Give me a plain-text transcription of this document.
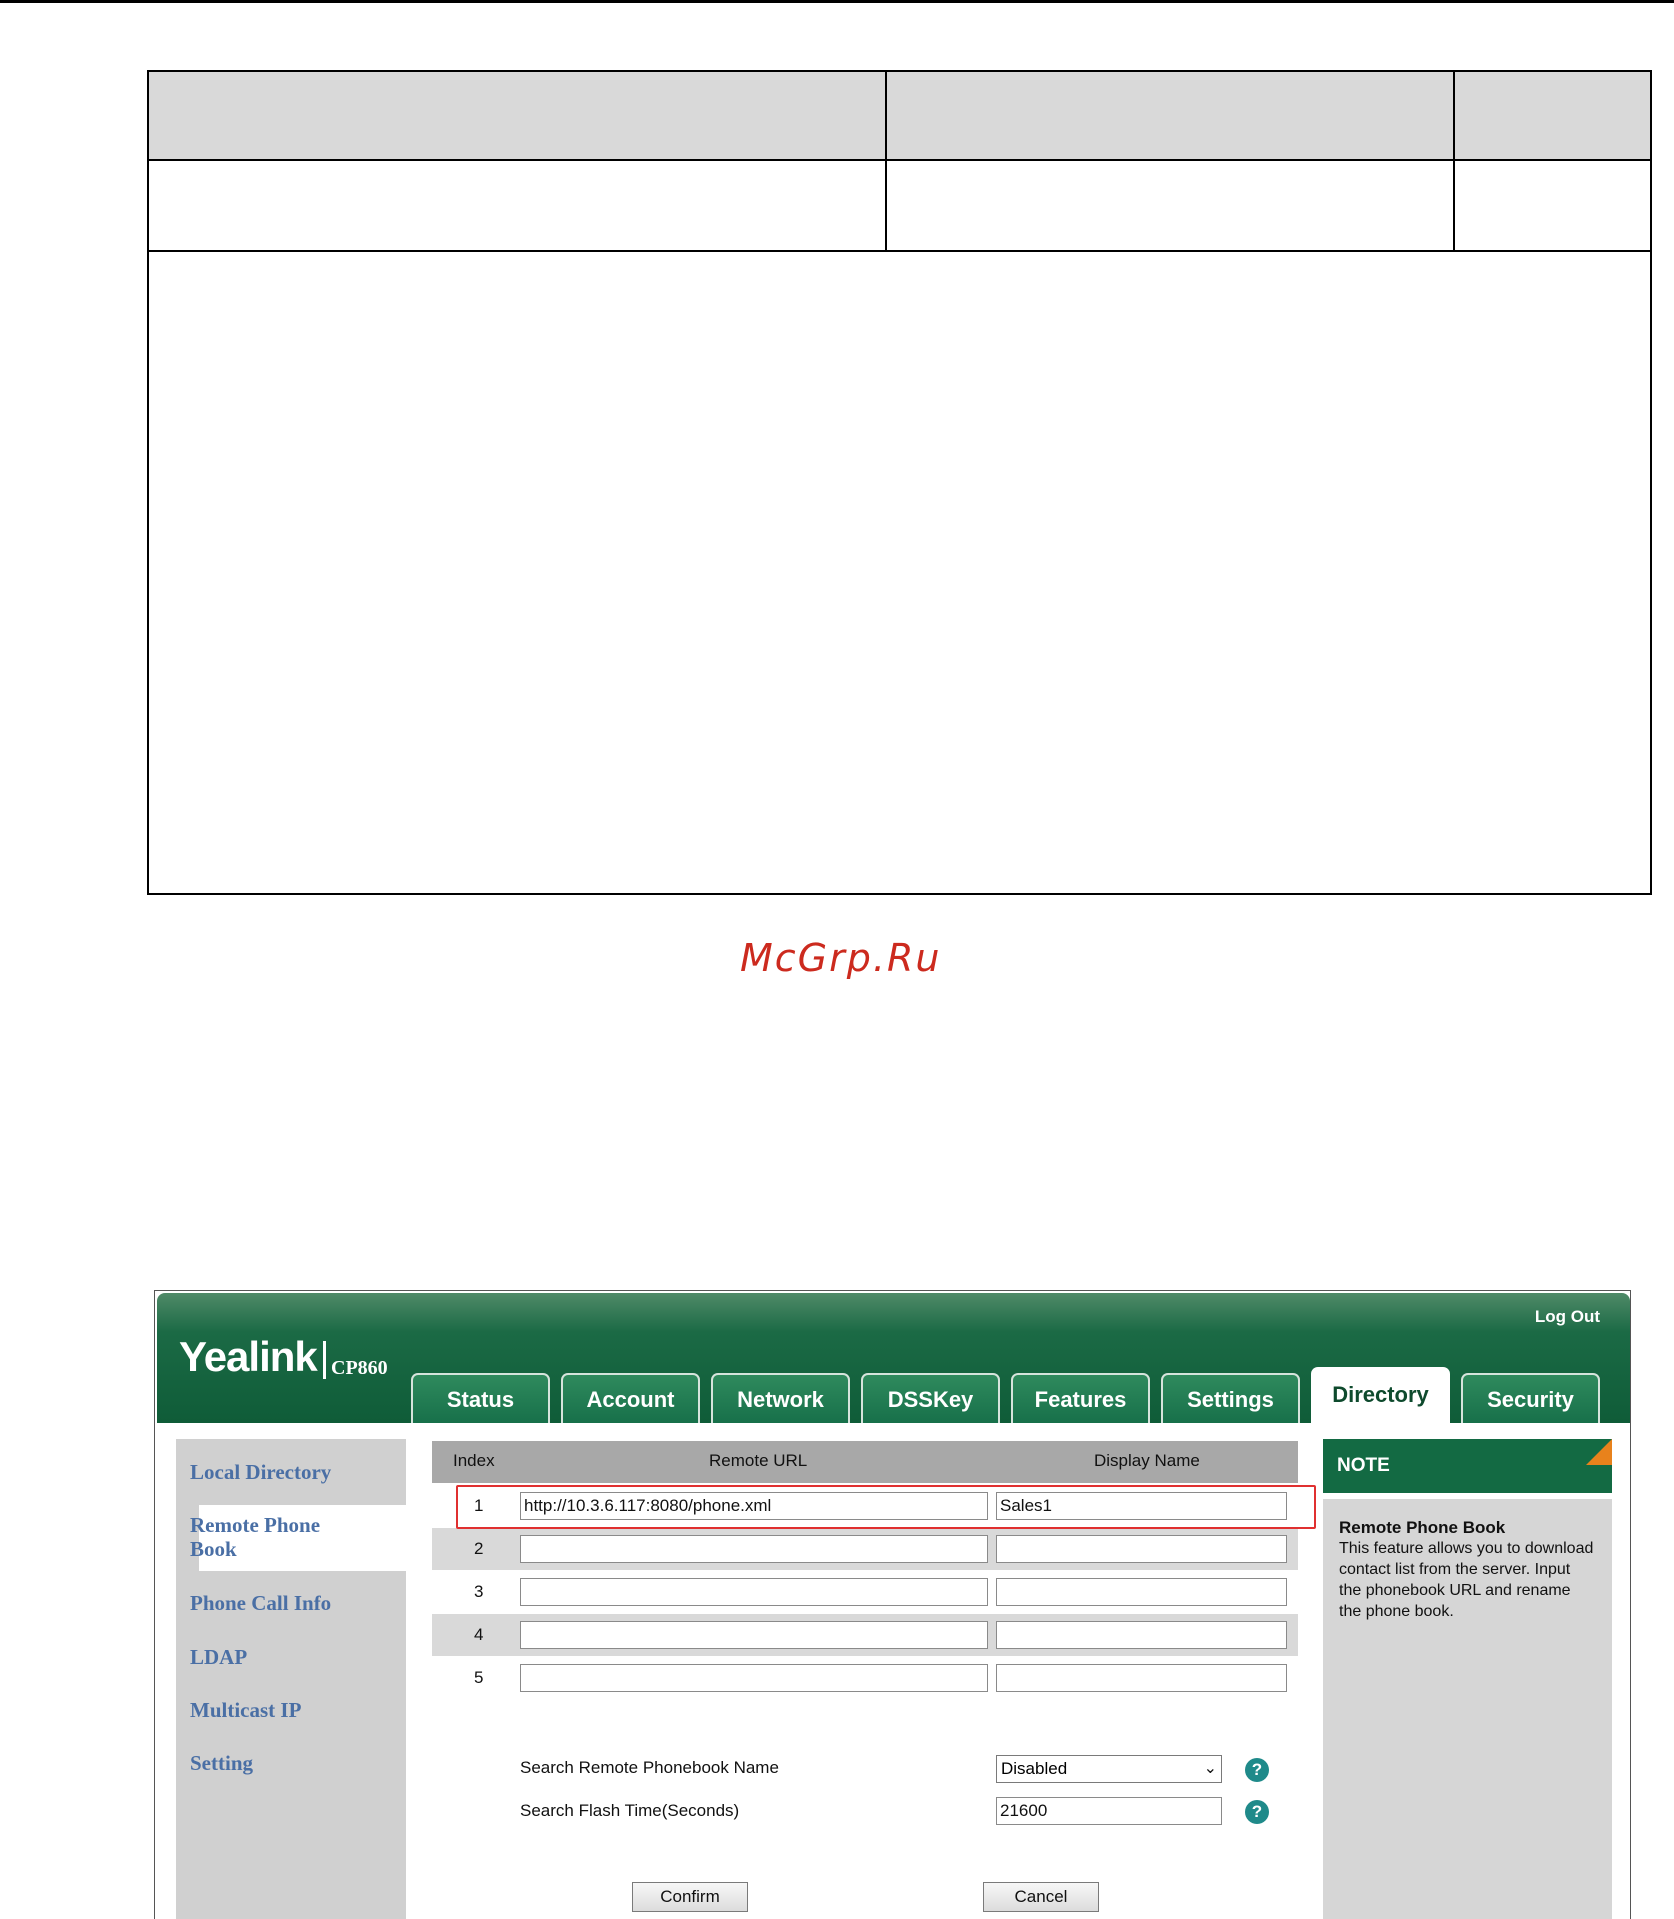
McGrp.Ru
Log Out
Yealink CP860
Status	Account	Network	DSSKey	Features	Settings	Directory	Security
Local Directory
Remote Phone
Book
Phone Call Info
LDAP
Multicast IP
Setting
Index	Remote URL	Display Name
1 http://10.3.6.117:8080/phone.xml	Sales1
2
3
4
5
Search Remote Phonebook Name	Disabled	⌄	?
Search Flash Time(Seconds)	21600	?
Confirm	Cancel
NOTE
Remote Phone Book
This feature allows you to download contact list from the server. Input the phonebook URL and rename the phone book.
